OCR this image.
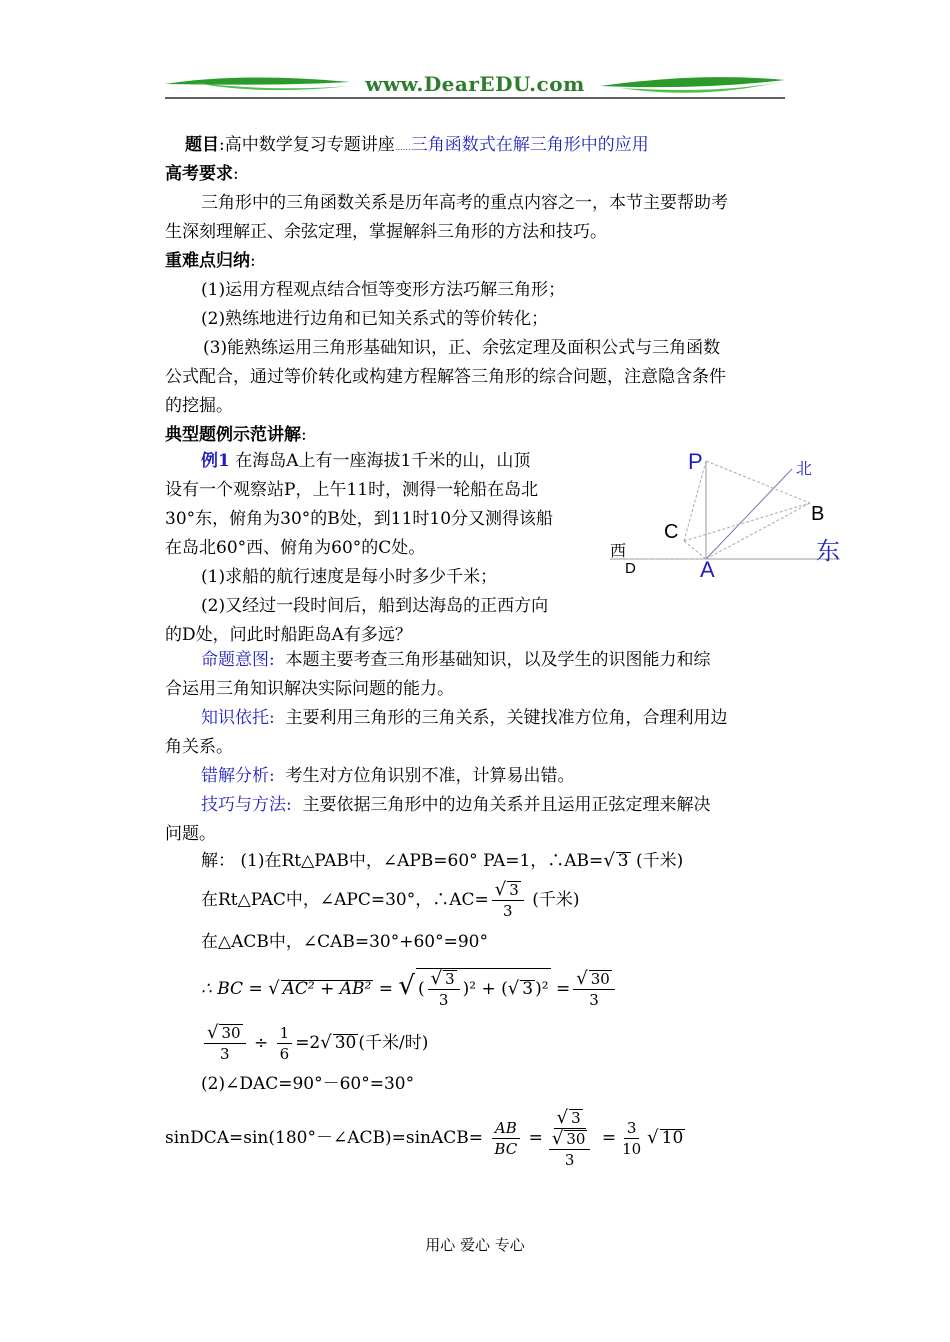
www.DearEDU.com
题目:高中数学复习专题讲座……三角函数式在解三角形中的应用
高考要求:
三角形中的三角函数关系是历年高考的重点内容之一，本节主要帮助考
生深刻理解正、余弦定理，掌握解斜三角形的方法和技巧。
重难点归纳:
(1)运用方程观点结合恒等变形方法巧解三角形；
(2)熟练地进行边角和已知关系式的等价转化；
(3)能熟练运用三角形基础知识，正、余弦定理及面积公式与三角函数
公式配合，通过等价转化或构建方程解答三角形的综合问题，注意隐含条件
的挖掘。
典型题例示范讲解:
例1 在海岛A上有一座海拔1千米的山，山顶
设有一个观察站P，上午11时，测得一轮船在岛北
30°东，俯角为30°的B处，到11时10分又测得该船
在岛北60°西、俯角为60°的C处。
(1)求船的航行速度是每小时多少千米；
(2)又经过一段时间后，船到达海岛的正西方向
的D处，问此时船距岛A有多远？
P	北
B
C
西	东
D	A
命题意图: 本题主要考查三角形基础知识，以及学生的识图能力和综
合运用三角知识解决实际问题的能力。
知识依托: 主要利用三角形的三角关系，关键找准方位角，合理利用边
角关系。
错解分析: 考生对方位角识别不准，计算易出错。
技巧与方法: 主要依据三角形中的边角关系并且运用正弦定理来解决
问题。
解： (1)在Rt△PAB中，∠APB=60° PA=1，∴AB=√ 3 (千米)
在Rt△PAC中，∠APC=30°，∴AC= $\frac{√ 3}{3}$ (千米)
在△ACB中，∠CAB=30°+60°=90°
∴ BC = √ AC² + AB² = √ ( $\frac{√ 3}{3} )^2$ + (√ 3 )$^2 = \frac{√ 30}{3}$
$\frac{√ 30}{3} \div \frac{1}{6} =2√$ 30 (千米/时)
(2)∠DAC=90°－60°=30°
sinDCA=sin(180°－∠ACB)=sinACB= $\frac{AB}{BC} = \frac{√ 3}{\frac{√ 30}{3}} = \frac{3}{10}$ √ 10
用心 爱心 专心
